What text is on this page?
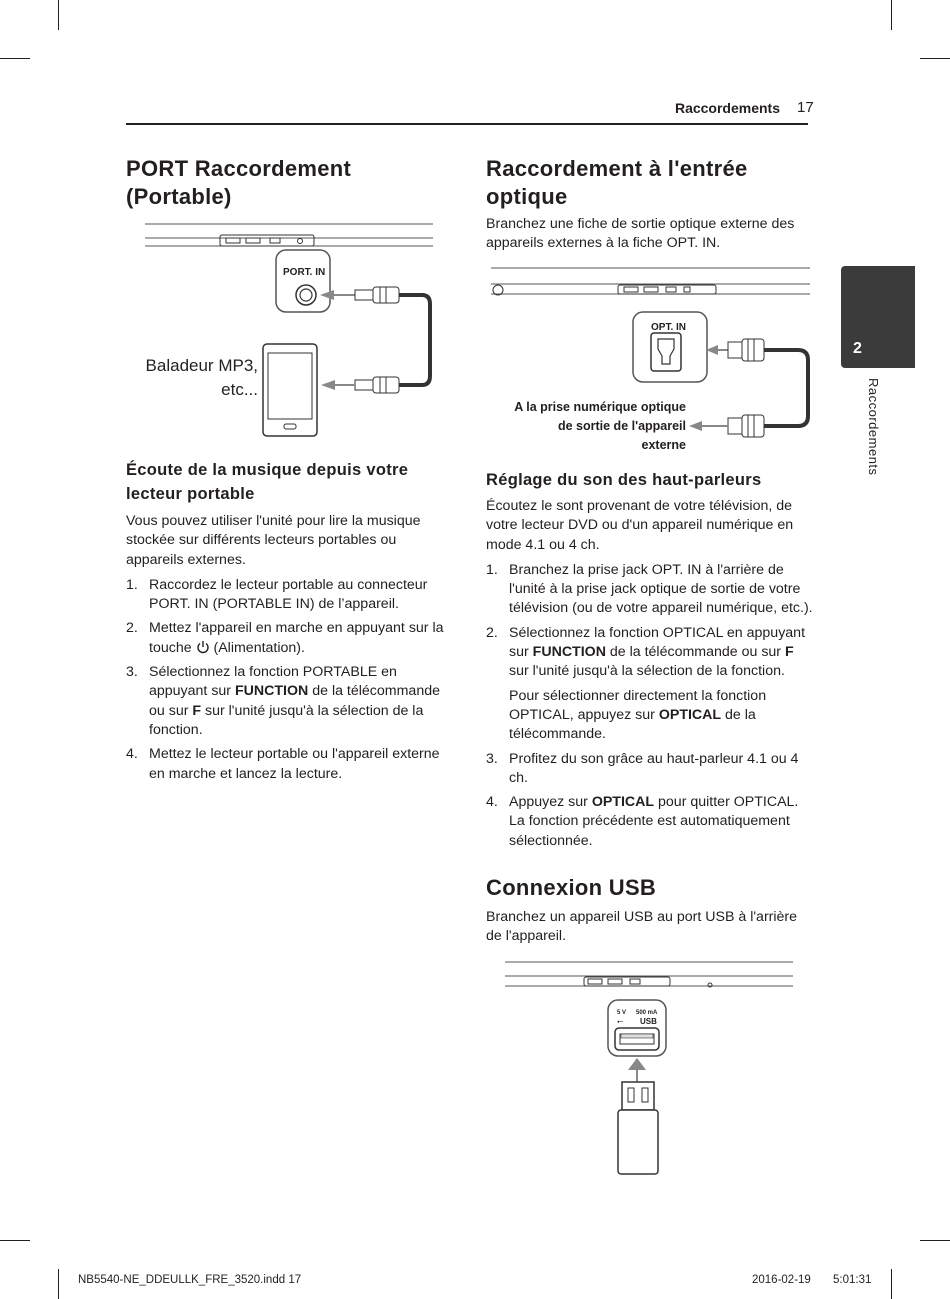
Raccordements 17
2
Raccordements
PORT Raccordement
(Portable)
PORT. IN
Baladeur MP3,
etc...
Écoute de la musique depuis votre
lecteur portable

Vous pouvez utiliser l'unité pour lire la musique stockée sur différents lecteurs portables ou appareils externes.

1. Raccordez le lecteur portable au connecteur PORT. IN (PORTABLE IN) de l’appareil.
2. Mettez l'appareil en marche en appuyant sur la touche  (Alimentation).
3. Sélectionnez la fonction PORTABLE en appuyant sur FUNCTION de la télécommande ou sur F sur l'unité jusqu'à la sélection de la fonction.
4. Mettez le lecteur portable ou l'appareil externe en marche et lancez la lecture.
Raccordement à l'entrée
optique

Branchez une fiche de sortie optique externe des appareils externes à la fiche OPT. IN.

OPT. IN
A la prise numérique optique
de sortie de l'appareil
externe
Réglage du son des haut-parleurs

Écoutez le sont provenant de votre télévision, de votre lecteur DVD ou d'un appareil numérique en mode 4.1 ou 4 ch.

1. Branchez la prise jack OPT. IN à l'arrière de l'unité à la prise jack optique de sortie de votre télévision (ou de votre appareil numérique, etc.).
2. Sélectionnez la fonction OPTICAL en appuyant sur FUNCTION de la télécommande ou sur F sur l'unité jusqu'à la sélection de la fonction.
Pour sélectionner directement la fonction OPTICAL, appuyez sur OPTICAL de la télécommande.
3. Profitez du son grâce au haut-parleur 4.1 ou 4 ch.
4. Appuyez sur OPTICAL pour quitter OPTICAL. La fonction précédente est automatiquement sélectionnée.
Connexion USB

Branchez un appareil USB au port USB à l'arrière de l'appareil.

5 V 500 mA
USB
⭠
NB5540-NE_DDEULLK_FRE_3520.indd 17	2016-02-19 5:01:31
